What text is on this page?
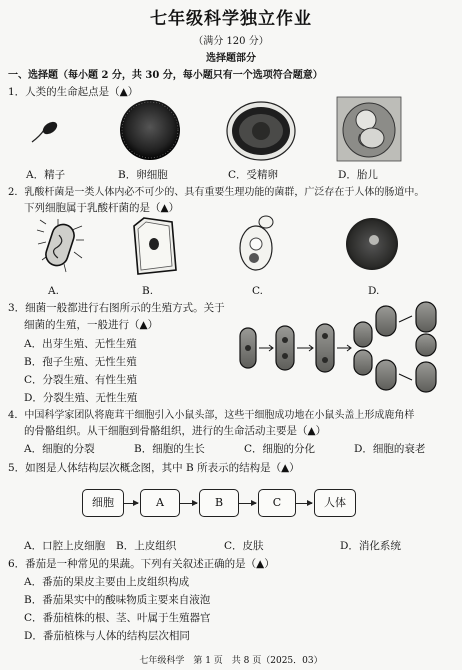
七年级科学独立作业
（满分 120 分）
选择题部分
一、选择题（每小题 2 分，共 30 分，每小题只有一个选项符合题意）
1．人类的生命起点是（▲）
A．精子	B．卵细胞	C．受精卵	D．胎儿
2．乳酸杆菌是一类人体内必不可少的、具有重要生理功能的菌群，广泛存在于人体的肠道中。
下列细胞属于乳酸杆菌的是（▲）
A.	B.	C.	D.
3．细菌一般都进行右图所示的生殖方式。关于
细菌的生殖，一般进行（▲）
A．出芽生殖、无性生殖
B．孢子生殖、无性生殖
C．分裂生殖、有性生殖
D．分裂生殖、无性生殖
4．中国科学家团队将鹿茸干细胞引入小鼠头部，这些干细胞成功地在小鼠头盖上形成鹿角样
的骨骼组织。从干细胞到骨骼组织，进行的生命活动主要是（▲）
A．细胞的分裂	B．细胞的生长	C．细胞的分化	D．细胞的衰老
5．如图是人体结构层次概念图，其中 B 所表示的结构是（▲）
细胞	A	B	C	人体
A．口腔上皮细胞 B．上皮组织	C．皮肤	D．消化系统
6．番茄是一种常见的果蔬。下列有关叙述正确的是（▲）
A．番茄的果皮主要由上皮组织构成
B．番茄果实中的酸味物质主要来自液泡
C．番茄植株的根、茎、叶属于生殖器官
D．番茄植株与人体的结构层次相同
七年级科学　第 1 页　共 8 页（2025．03）
